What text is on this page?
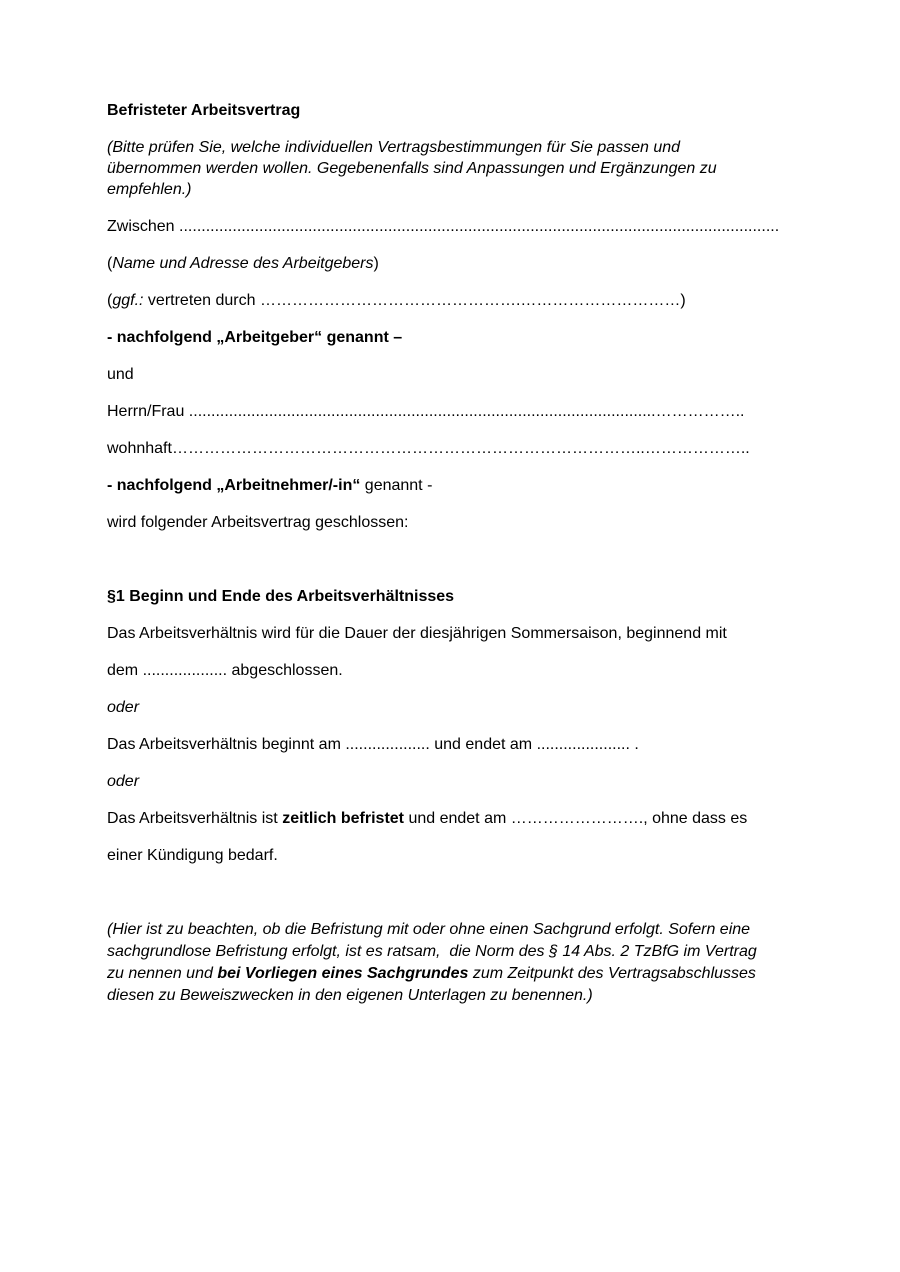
Befristeter Arbeitsvertrag
(Bitte prüfen Sie, welche individuellen Vertragsbestimmungen für Sie passen und
übernommen werden wollen. Gegebenenfalls sind Anpassungen und Ergänzungen zu
empfehlen.)
Zwischen .......................................................................................................................................
(Name und Adresse des Arbeitgebers)
(ggf.: vertreten durch ………………………………………….…………………………)
- nachfolgend „Arbeitgeber“ genannt –
und
Herrn/Frau .........................................................................................................……………..
wohnhaft……………………………………………………………………………..………………..
- nachfolgend „Arbeitnehmer/-in“ genannt -
wird folgender Arbeitsvertrag geschlossen:
§1 Beginn und Ende des Arbeitsverhältnisses
Das Arbeitsverhältnis wird für die Dauer der diesjährigen Sommersaison, beginnend mit
dem ................... abgeschlossen.
oder
Das Arbeitsverhältnis beginnt am ................... und endet am ..................... .
oder
Das Arbeitsverhältnis ist zeitlich befristet und endet am ……………………., ohne dass es
einer Kündigung bedarf.
(Hier ist zu beachten, ob die Befristung mit oder ohne einen Sachgrund erfolgt. Sofern eine
sachgrundlose Befristung erfolgt, ist es ratsam,  die Norm des § 14 Abs. 2 TzBfG im Vertrag
zu nennen und bei Vorliegen eines Sachgrundes zum Zeitpunkt des Vertragsabschlusses
diesen zu Beweiszwecken in den eigenen Unterlagen zu benennen.)
